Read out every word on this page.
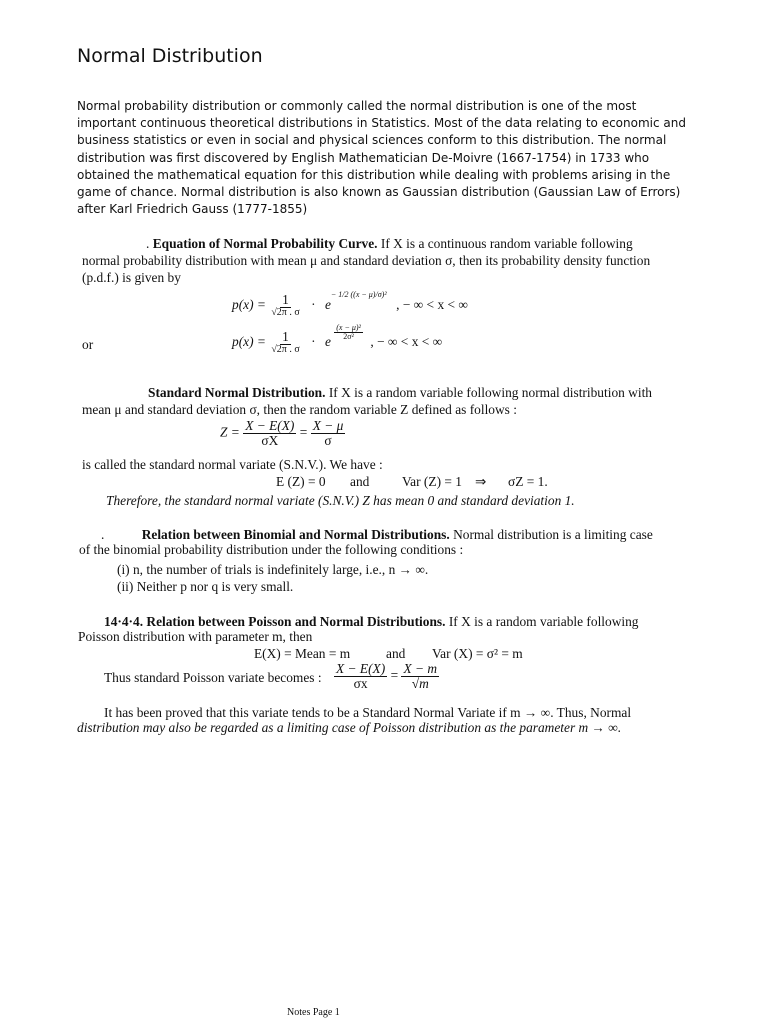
Normal Distribution
Normal probability distribution or commonly called the normal distribution is one of the most
important continuous theoretical distributions in Statistics. Most of the data relating to economic and
business statistics or even in social and physical sciences conform to this distribution. The normal
distribution was first discovered by English Mathematician De-Moivre (1667-1754) in 1733 who
obtained the mathematical equation for this distribution while dealing with problems arising in the
game of chance. Normal distribution is also known as Gaussian distribution (Gaussian Law of Errors)
after Karl Friedrich Gauss (1777-1855)
. Equation of Normal Probability Curve. If X is a continuous random variable following
normal probability distribution with mean μ and standard deviation σ, then its probability density function
(p.d.f.) is given by
$p(x) = \frac{1}{√2\pi . \sigma} \cdot e^{- 1/2 ((x - \mu)/\sigma)^2}$ , − ∞ < x < ∞
or	$p(x) = \frac{1}{√2\pi . \sigma} \cdot e \frac{\text{(x − μ)²}}{\text{2σ²}}$ , − ∞ < x < ∞
Standard Normal Distribution. If X is a random variable following normal distribution with
mean μ and standard deviation σ, then the random variable Z defined as follows :
$Z = \frac{X - E(X)}{\sigma X} = \frac{X - \mu}{\sigma}$
is called the standard normal variate (S.N.V.). We have :
E (Z) = 0 and Var (Z) = 1 ⇒ σZ = 1.
Therefore, the standard normal variate (S.N.V.) Z has mean 0 and standard deviation 1.
.	Relation between Binomial and Normal Distributions. Normal distribution is a limiting case
of the binomial probability distribution under the following conditions :
(i) n, the number of trials is indefinitely large, i.e., n → ∞.
(ii) Neither p nor q is very small.
14·4·4. Relation between Poisson and Normal Distributions. If X is a random variable following
Poisson distribution with parameter m, then
E(X) = Mean = m	and Var (X) = σ² = m
Thus standard Poisson variate becomes : $\frac{X - E(X)}{\sigma x} = \frac{X - m}{√m}$
It has been proved that this variate tends to be a Standard Normal Variate if m → ∞. Thus, Normal
distribution may also be regarded as a limiting case of Poisson distribution as the parameter m → ∞.
Notes Page 1
